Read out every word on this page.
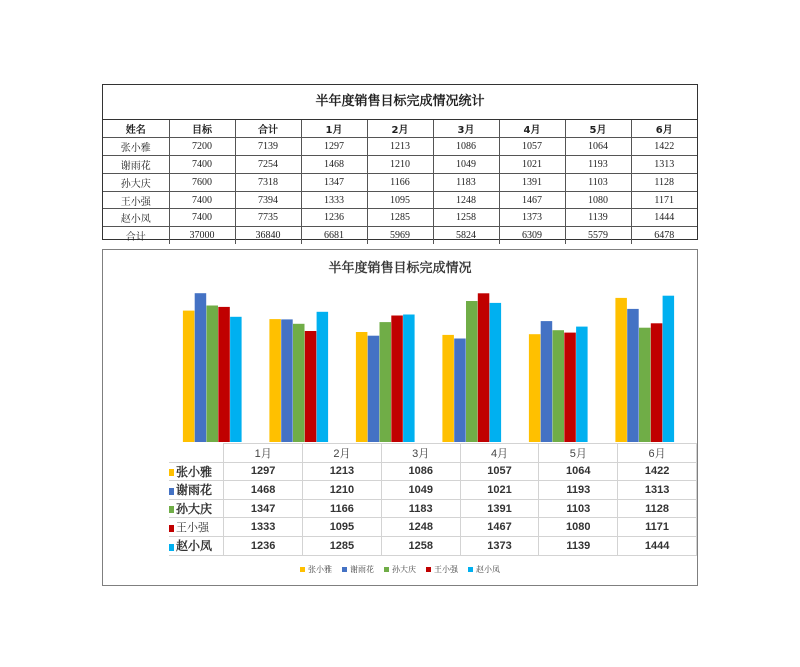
半年度销售目标完成情况统计
姓名	目标	合计	1月	2月	3月	4月	5月	6月
张小雅	7200	7139	1297	1213	1086	1057	1064	1422
谢雨花	7400	7254	1468	1210	1049	1021	1193	1313
孙大庆	7600	7318	1347	1166	1183	1391	1103	1128
王小强	7400	7394	1333	1095	1248	1467	1080	1171
赵小凤	7400	7735	1236	1285	1258	1373	1139	1444
合计	37000	36840	6681	5969	5824	6309	5579	6478
半年度销售目标完成情况
	1月	2月	3月	4月	5月	6月
张小雅	1297	1213	1086	1057	1064	1422
谢雨花	1468	1210	1049	1021	1193	1313
孙大庆	1347	1166	1183	1391	1103	1128
王小强	1333	1095	1248	1467	1080	1171
赵小凤	1236	1285	1258	1373	1139	1444
张小雅 谢雨花 孙大庆 王小强 赵小凤
